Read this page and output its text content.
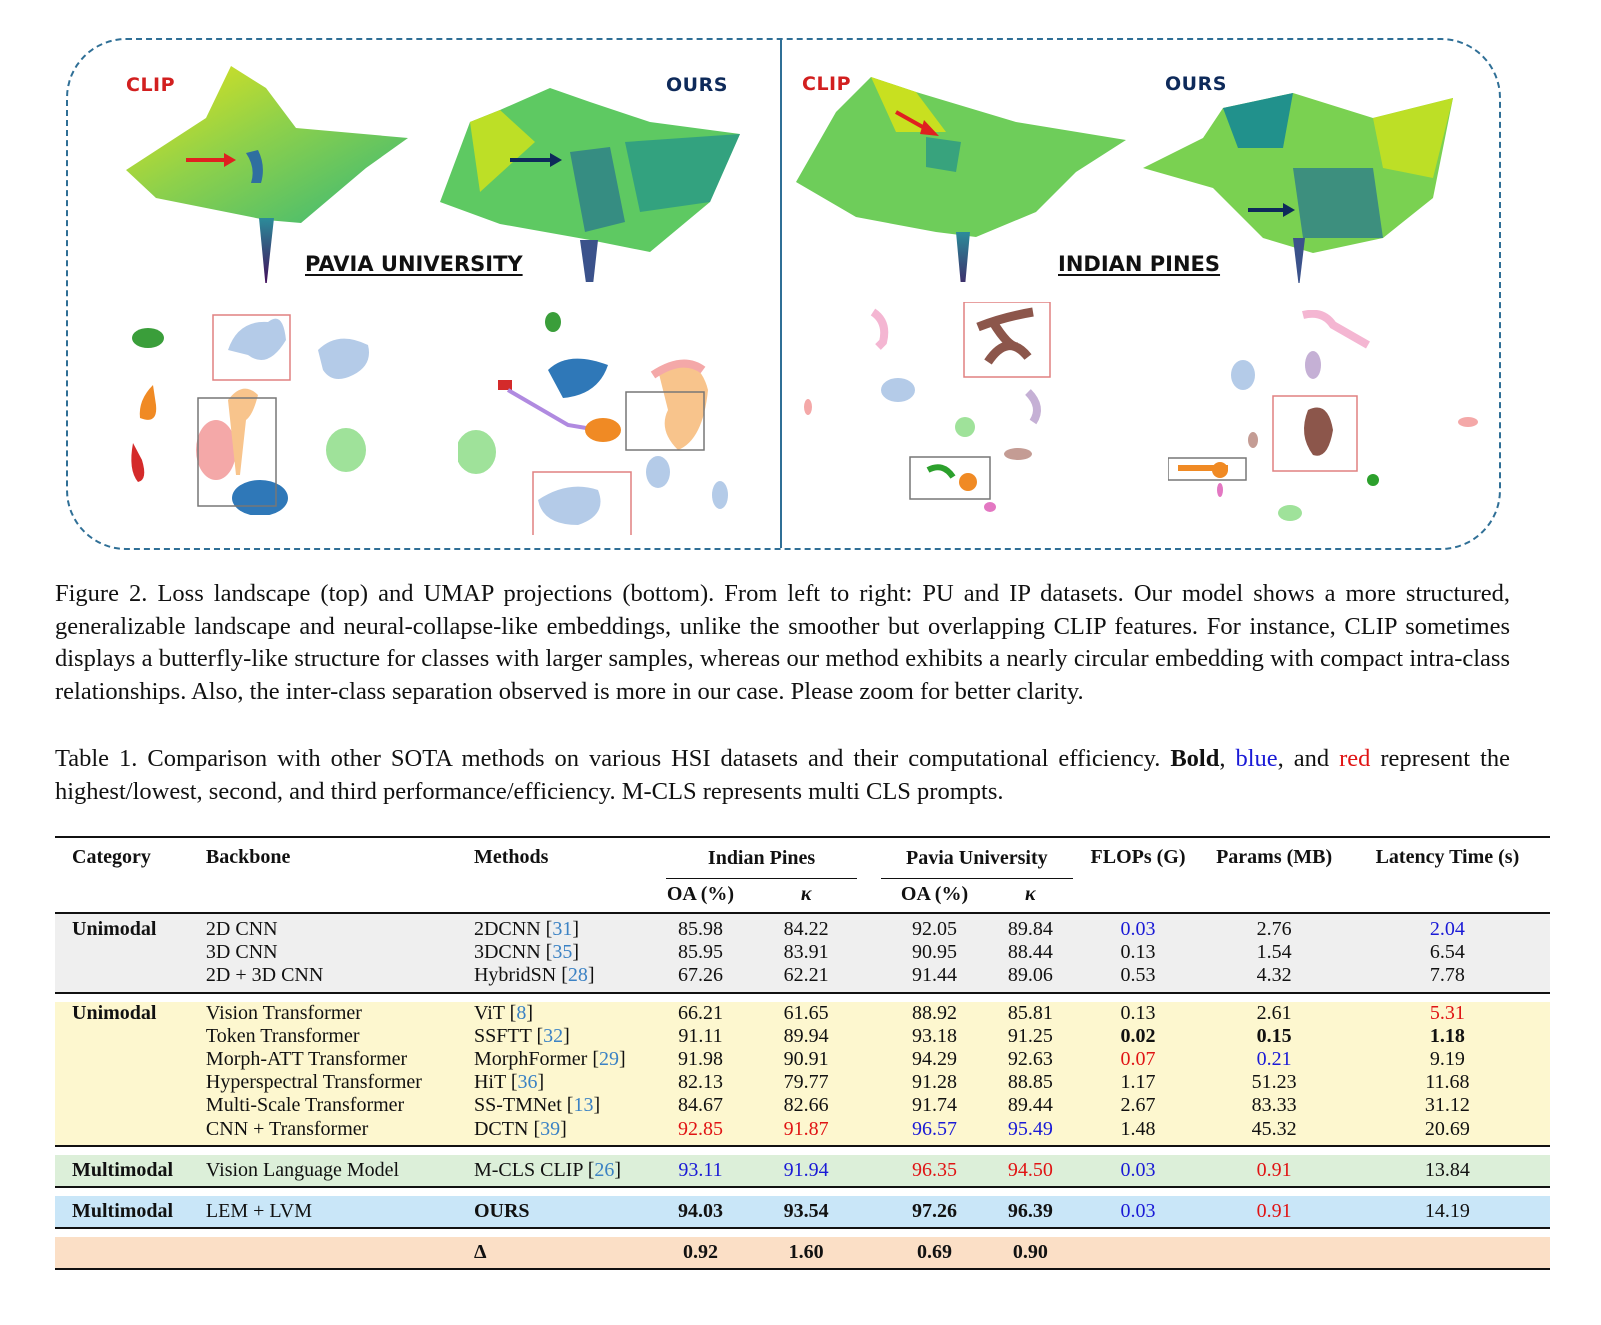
CLIP	OURS
PAVIA UNIVERSITY
CLIP	OURS
INDIAN PINES

Figure 2. Loss landscape (top) and UMAP projections (bottom). From left to right: PU and IP datasets. Our model shows a more structured, generalizable landscape and neural-collapse-like embeddings, unlike the smoother but overlapping CLIP features. For instance, CLIP sometimes displays a butterfly-like structure for classes with larger samples, whereas our method exhibits a nearly circular embedding with compact intra-class relationships. Also, the inter-class separation observed is more in our case. Please zoom for better clarity.

Table 1. Comparison with other SOTA methods on various HSI datasets and their computational efficiency. Bold, blue, and red represent the highest/lowest, second, and third performance/efficiency. M-CLS represents multi CLS prompts.

Category	Backbone	Methods	Indian Pines			Pavia University		FLOPs (G)	Params (MB)	Latency Time (s)
			OA (%)	κ		OA (%)	κ			
Unimodal	2D CNN	2DCNN [31]	85.98	84.22		92.05	89.84	0.03	2.76	2.04
	3D CNN	3DCNN [35]	85.95	83.91		90.95	88.44	0.13	1.54	6.54
	2D + 3D CNN	HybridSN [28]	67.26	62.21		91.44	89.06	0.53	4.32	7.78

Unimodal	Vision Transformer	ViT [8]	66.21	61.65		88.92	85.81	0.13	2.61	5.31
	Token Transformer	SSFTT [32]	91.11	89.94		93.18	91.25	0.02	0.15	1.18
	Morph-ATT Transformer	MorphFormer [29]	91.98	90.91		94.29	92.63	0.07	0.21	9.19
	Hyperspectral Transformer	HiT [36]	82.13	79.77		91.28	88.85	1.17	51.23	11.68
	Multi-Scale Transformer	SS-TMNet [13]	84.67	82.66		91.74	89.44	2.67	83.33	31.12
	CNN + Transformer	DCTN [39]	92.85	91.87		96.57	95.49	1.48	45.32	20.69

Multimodal	Vision Language Model	M-CLS CLIP [26]	93.11	91.94		96.35	94.50	0.03	0.91	13.84

Multimodal	LEM + LVM	OURS	94.03	93.54		97.26	96.39	0.03	0.91	14.19

		Δ	0.92	1.60		0.69	0.90			
